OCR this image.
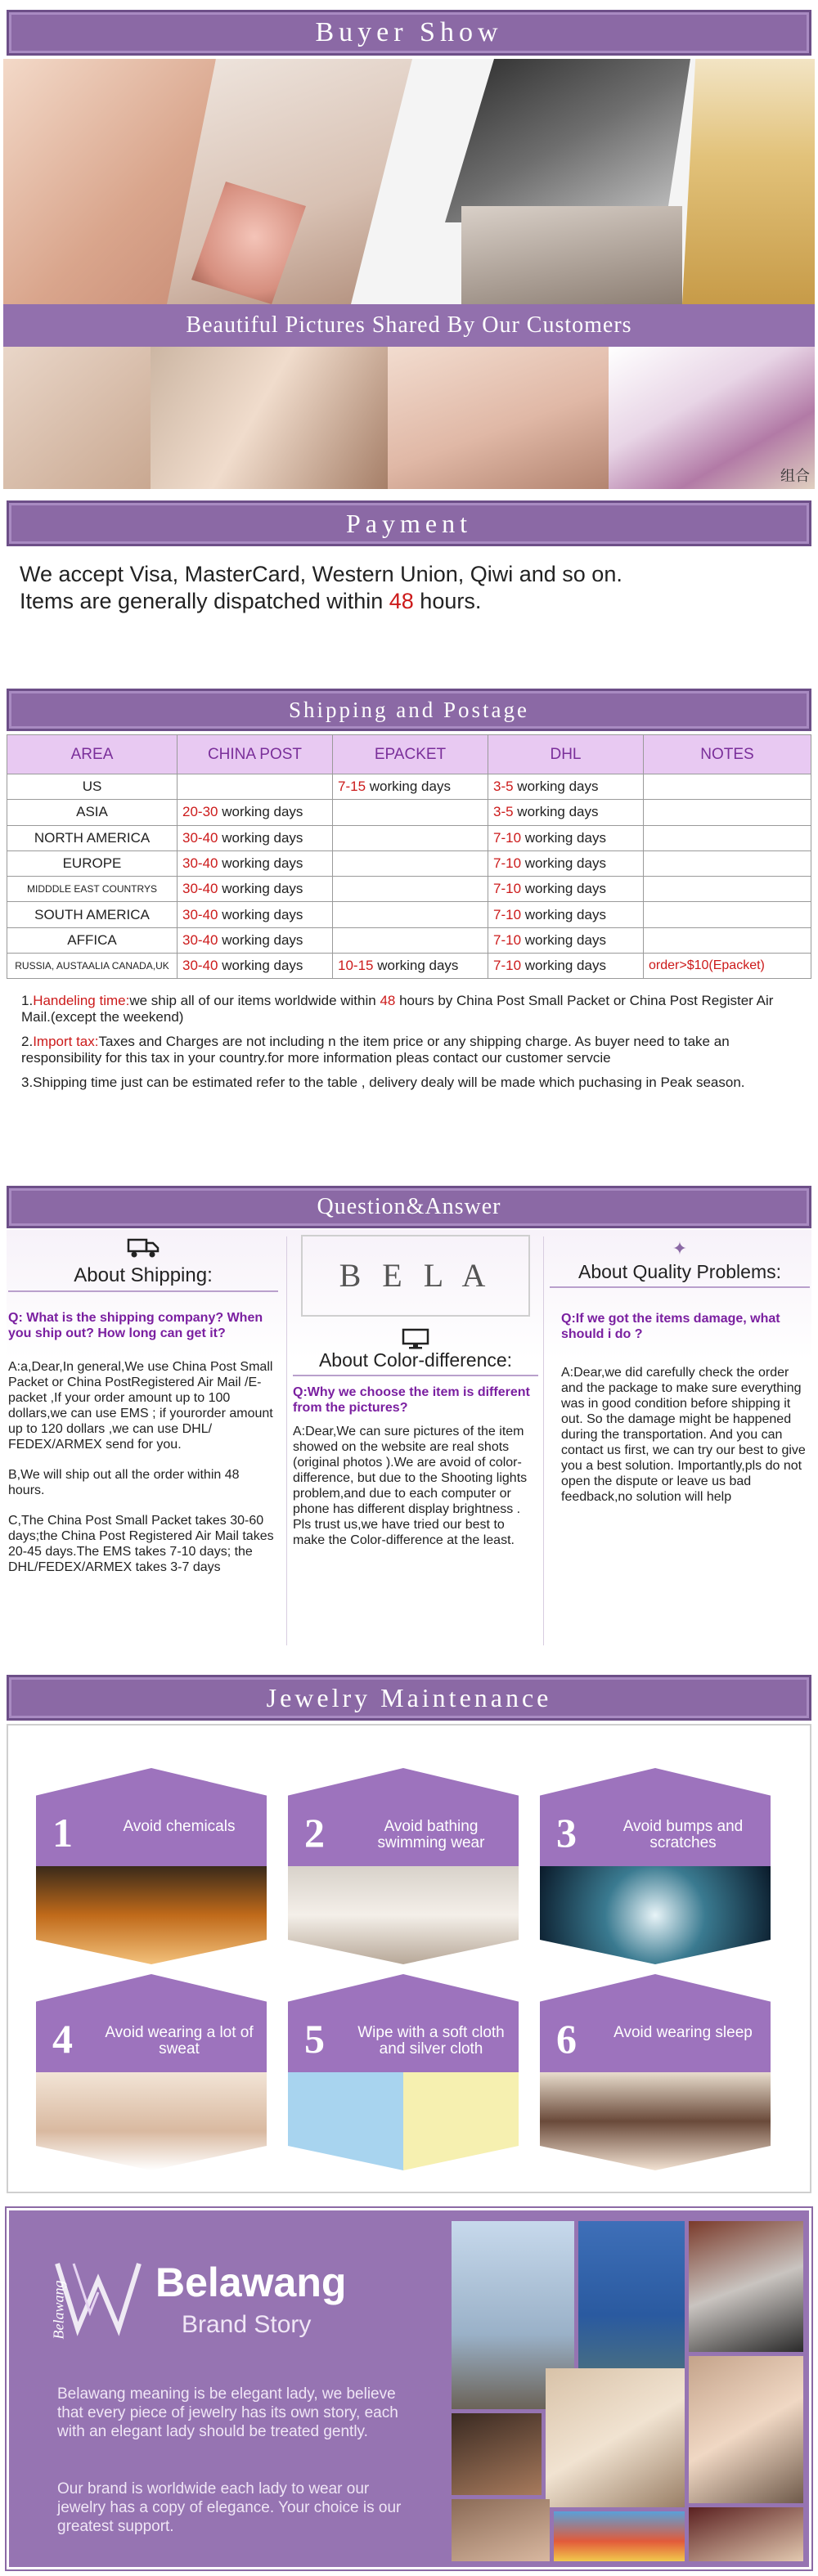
Buyer Show
Beautiful Pictures Shared By Our Customers
组合
Payment
We accept Visa, MasterCard, Western Union, Qiwi and so on.
Items are generally dispatched within 48 hours.
Shipping and Postage
AREA	CHINA POST	EPACKET	DHL	NOTES
US		7-15 working days	3-5 working days	
ASIA	20-30 working days		3-5 working days	
NORTH AMERICA	30-40 working days		7-10 working days	
EUROPE	30-40 working days		7-10 working days	
MIDDDLE EAST COUNTRYS	30-40 working days		7-10 working days	
SOUTH AMERICA	30-40 working days		7-10 working days	
AFFICA	30-40 working days		7-10 working days	
RUSSIA, AUSTAALIA CANADA,UK	30-40 working days	10-15 working days	7-10 working days	order>$10(Epacket)

1.Handeling time:we ship all of our items worldwide within 48 hours by China Post Small Packet or China Post Register Air Mail.(except the weekend)

2.Import tax:Taxes and Charges are not including n the item price or any shipping charge. As buyer need to take an responsibility for this tax in your country.for more information pleas contact our customer servcie

3.Shipping time just can be estimated refer to the table , delivery dealy will be made which puchasing in Peak season.

Question&Answer
About Shipping:
Q: What is the shipping company? When you ship out? How long can get it?
A:a,Dear,In general,We use China Post Small Packet or China PostRegistered Air Mail /E-packet ,If your order amount up to 100 dollars,we can use EMS ; if yourorder amount up to 120 dollars ,we can use DHL/ FEDEX/ARMEX send for you.
B,We will ship out all the order within 48 hours.
C,The China Post Small Packet takes 30-60 days;the China Post Registered Air Mail takes 20-45 days.The EMS takes 7-10 days; the DHL/FEDEX/ARMEX takes 3-7 days
B E L A
About Color-difference:
Q:Why we choose the item is different from the pictures?
A:Dear,We can sure pictures of the item showed on the website are real shots (original photos ).We are avoid of color-difference, but due to the Shooting lights problem,and due to each computer or phone has different display brightness . Pls trust us,we have tried our best to make the Color-difference at the least.
✦
About Quality Problems:
Q:If we got the items damage, what should i do ?
A:Dear,we did carefully check the order and the package to make sure everything was in good condition before shipping it out. So the damage might be happened during the transportation. And you can contact us first, we can try our best to give you a best solution. Importantly,pls do not open the dispute or leave us bad feedback,no solution will help
Jewelry Maintenance
1	Avoid chemicals	2	Avoid bathing swimming wear	3	Avoid bumps and scratches
4 Avoid wearing a lot of sweat	5 Wipe with a soft cloth and silver cloth	6	Avoid wearing sleep
Belawang Belawang
Brand Story
Belawang meaning is be elegant lady, we believe that every piece of jewelry has its own story, each with an elegant lady should be treated gently.
Our brand is worldwide each lady to wear our jewelry has a copy of elegance. Your choice is our greatest support.
